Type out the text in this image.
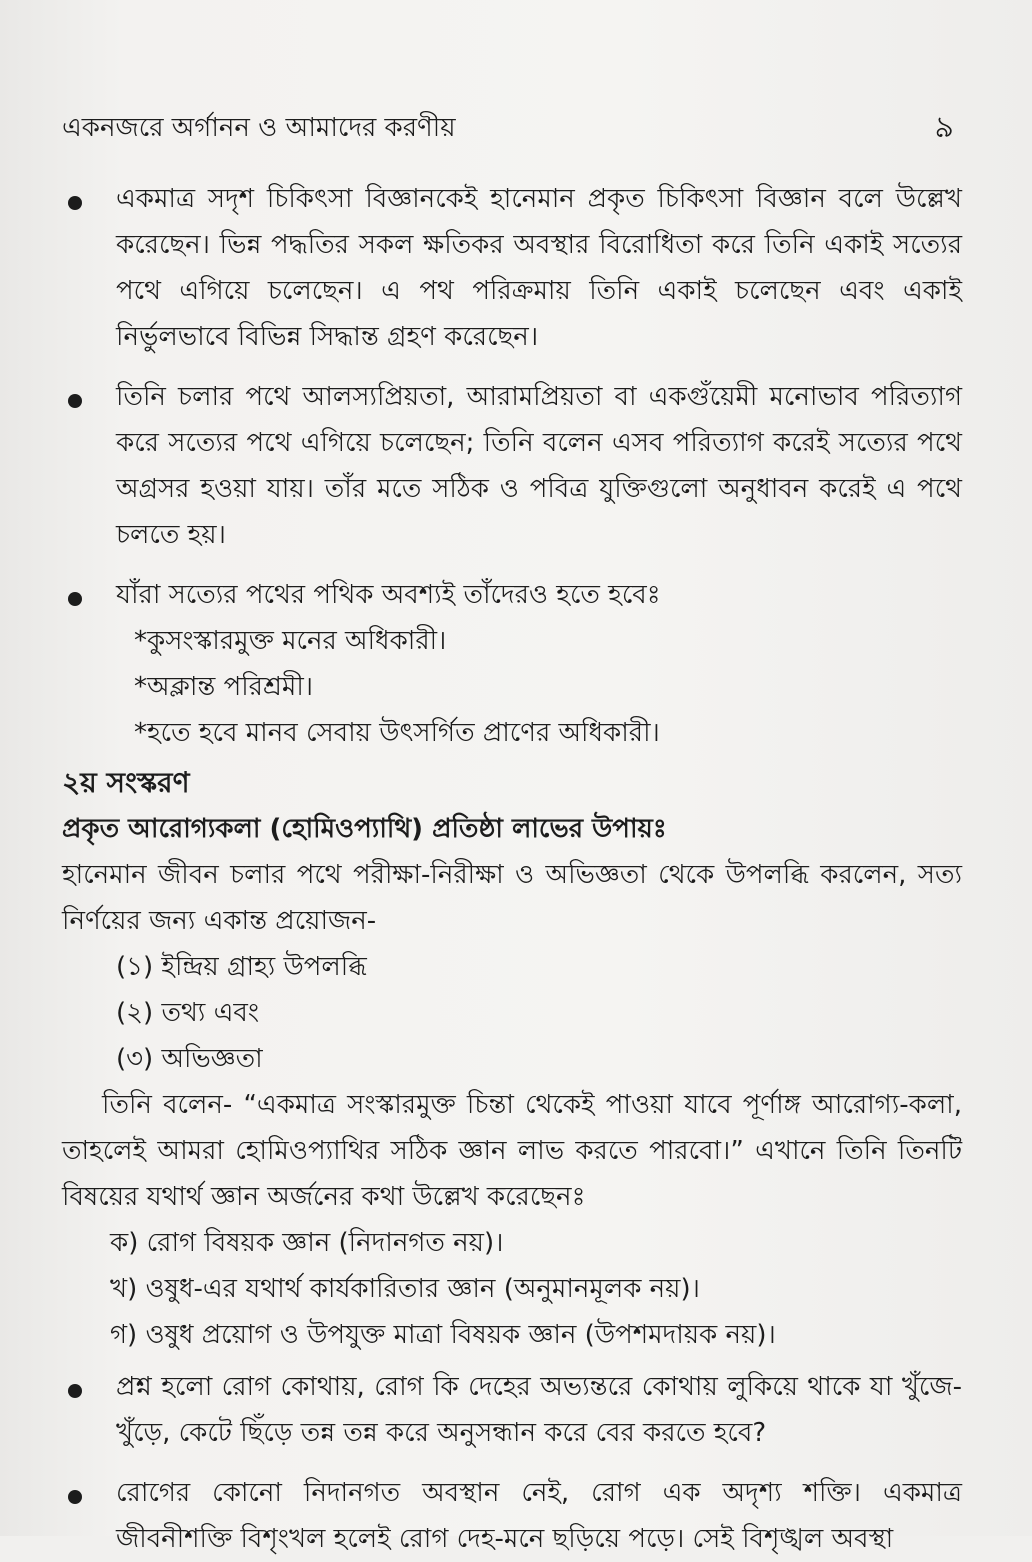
একনজরে অর্গানন ও আমাদের করণীয়	৯

একমাত্র সদৃশ চিকিৎসা বিজ্ঞানকেই হানেমান প্রকৃত চিকিৎসা বিজ্ঞান বলে উল্লেখ করেছেন। ভিন্ন পদ্ধতির সকল ক্ষতিকর অবস্থার বিরোধিতা করে তিনি একাই সত্যের পথে এগিয়ে চলেছেন। এ পথ পরিক্রমায় তিনি একাই চলেছেন এবং একাই নির্ভুলভাবে বিভিন্ন সিদ্ধান্ত গ্রহণ করেছেন।

তিনি চলার পথে আলস্যপ্রিয়তা, আরামপ্রিয়তা বা একগুঁয়েমী মনোভাব পরিত্যাগ করে সত্যের পথে এগিয়ে চলেছেন; তিনি বলেন এসব পরিত্যাগ করেই সত্যের পথে অগ্রসর হওয়া যায়। তাঁর মতে সঠিক ও পবিত্র যুক্তিগুলো অনুধাবন করেই এ পথে চলতে হয়।

যাঁরা সত্যের পথের পথিক অবশ্যই তাঁদেরও হতে হবেঃ

*কুসংস্কারমুক্ত মনের অধিকারী।
*অক্লান্ত পরিশ্রমী।
*হতে হবে মানব সেবায় উৎসর্গিত প্রাণের অধিকারী।
২য় সংস্করণ
প্রকৃত আরোগ্যকলা (হোমিওপ্যাথি) প্রতিষ্ঠা লাভের উপায়ঃ

হানেমান জীবন চলার পথে পরীক্ষা-নিরীক্ষা ও অভিজ্ঞতা থেকে উপলব্ধি করলেন, সত্য নির্ণয়ের জন্য একান্ত প্রয়োজন-

(১) ইন্দ্রিয় গ্রাহ্য উপলব্ধি
(২) তথ্য এবং
(৩) অভিজ্ঞতা

তিনি বলেন- “একমাত্র সংস্কারমুক্ত চিন্তা থেকেই পাওয়া যাবে পূর্ণাঙ্গ আরোগ্য-কলা, তাহলেই আমরা হোমিওপ্যাথির সঠিক জ্ঞান লাভ করতে পারবো।” এখানে তিনি তিনটি বিষয়ের যথার্থ জ্ঞান অর্জনের কথা উল্লেখ করেছেনঃ

ক) রোগ বিষয়ক জ্ঞান (নিদানগত নয়)।
খ) ওষুধ-এর যথার্থ কার্যকারিতার জ্ঞান (অনুমানমূলক নয়)।
গ) ওষুধ প্রয়োগ ও উপযুক্ত মাত্রা বিষয়ক জ্ঞান (উপশমদায়ক নয়)।

প্রশ্ন হলো রোগ কোথায়, রোগ কি দেহের অভ্যন্তরে কোথায় লুকিয়ে থাকে যা খুঁজে-খুঁড়ে, কেটে ছিঁড়ে তন্ন তন্ন করে অনুসন্ধান করে বের করতে হবে?

রোগের কোনো নিদানগত অবস্থান নেই, রোগ এক অদৃশ্য শক্তি। একমাত্র জীবনীশক্তি বিশৃংখল হলেই রোগ দেহ-মনে ছড়িয়ে পড়ে। সেই বিশৃঙ্খল অবস্থা
